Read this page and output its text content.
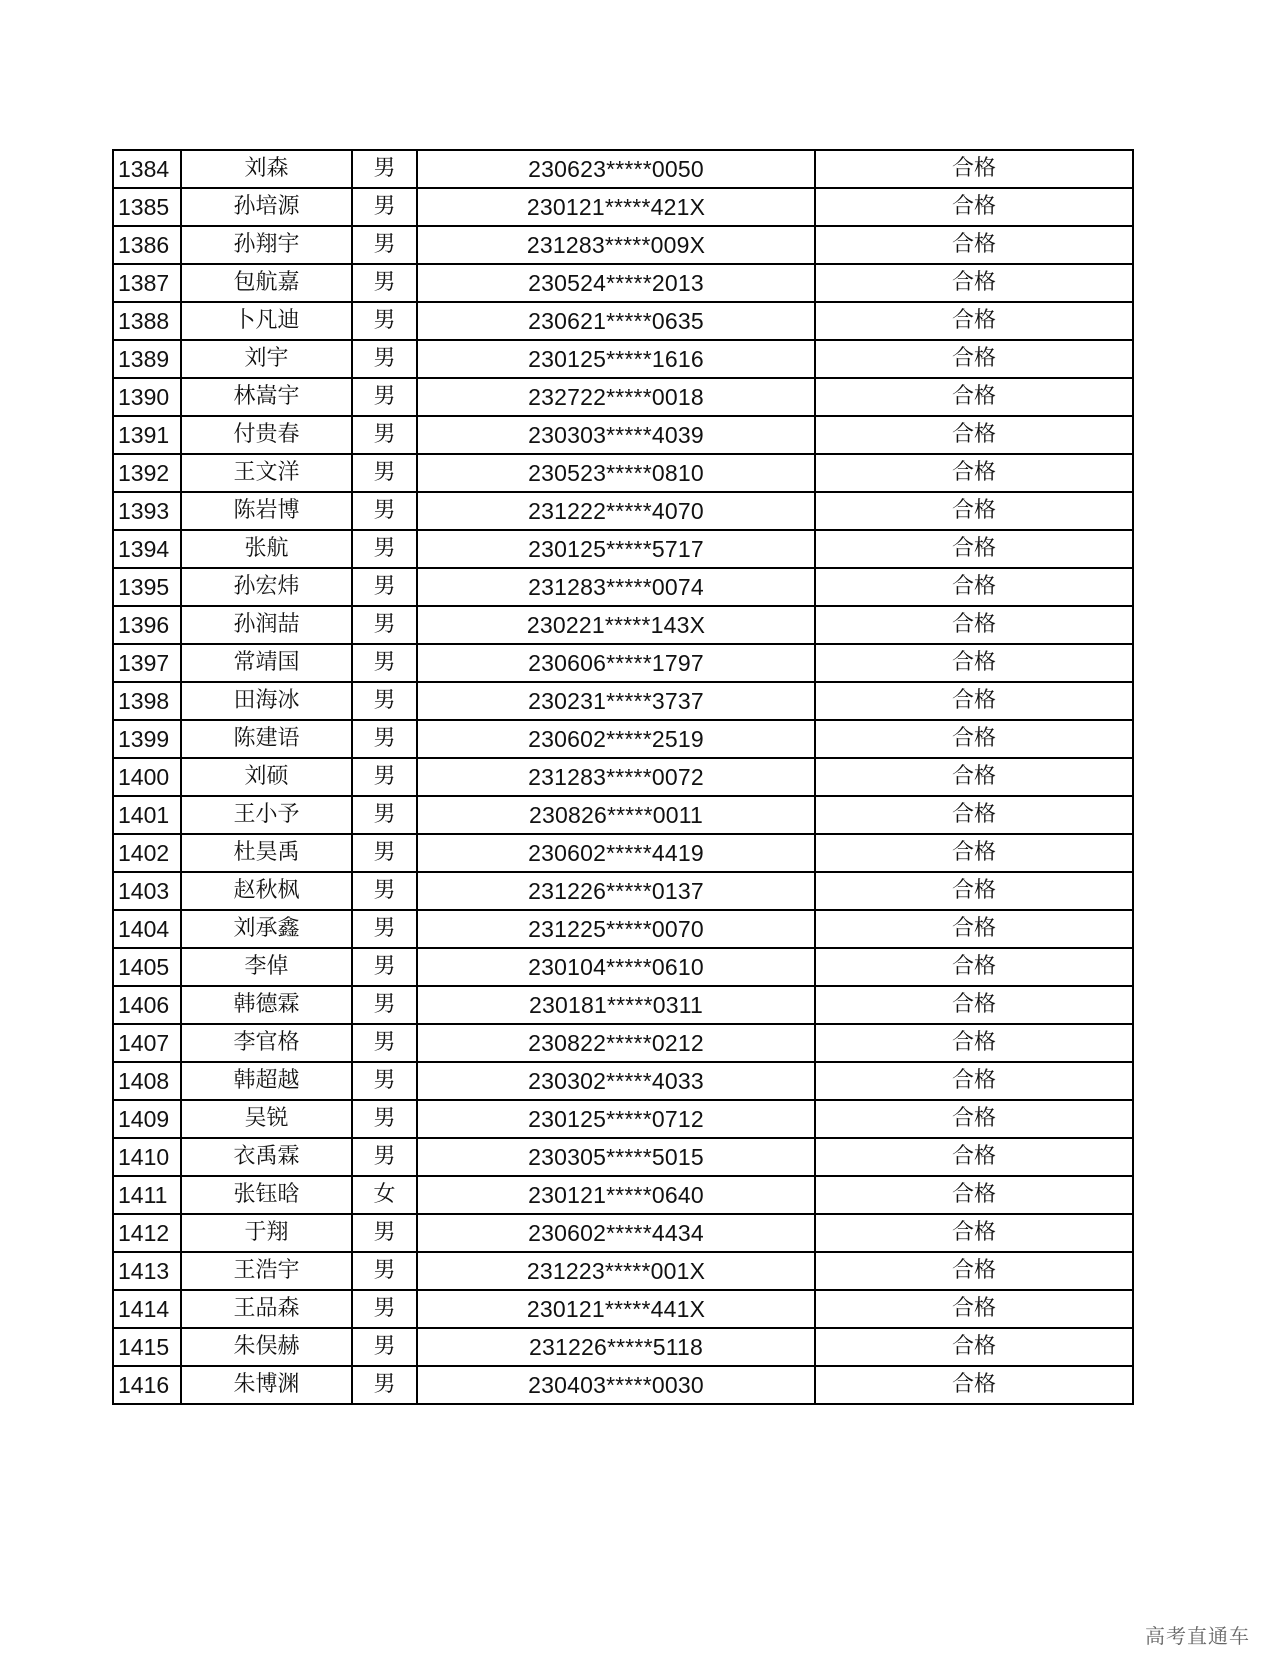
1384	刘森	男	230623*****0050	合格
1385	孙培源	男	230121*****421X	合格
1386	孙翔宇	男	231283*****009X	合格
1387	包航嘉	男	230524*****2013	合格
1388	卜凡迪	男	230621*****0635	合格
1389	刘宇	男	230125*****1616	合格
1390	林嵩宇	男	232722*****0018	合格
1391	付贵春	男	230303*****4039	合格
1392	王文洋	男	230523*****0810	合格
1393	陈岩博	男	231222*****4070	合格
1394	张航	男	230125*****5717	合格
1395	孙宏炜	男	231283*****0074	合格
1396	孙润喆	男	230221*****143X	合格
1397	常靖国	男	230606*****1797	合格
1398	田海冰	男	230231*****3737	合格
1399	陈建语	男	230602*****2519	合格
1400	刘硕	男	231283*****0072	合格
1401	王小予	男	230826*****0011	合格
1402	杜昊禹	男	230602*****4419	合格
1403	赵秋枫	男	231226*****0137	合格
1404	刘承鑫	男	231225*****0070	合格
1405	李倬	男	230104*****0610	合格
1406	韩德霖	男	230181*****0311	合格
1407	李官格	男	230822*****0212	合格
1408	韩超越	男	230302*****4033	合格
1409	吴锐	男	230125*****0712	合格
1410	衣禹霖	男	230305*****5015	合格
1411	张钰晗	女	230121*****0640	合格
1412	于翔	男	230602*****4434	合格
1413	王浩宇	男	231223*****001X	合格
1414	王品森	男	230121*****441X	合格
1415	朱俣赫	男	231226*****5118	合格
1416	朱博渊	男	230403*****0030	合格
高考直通车
